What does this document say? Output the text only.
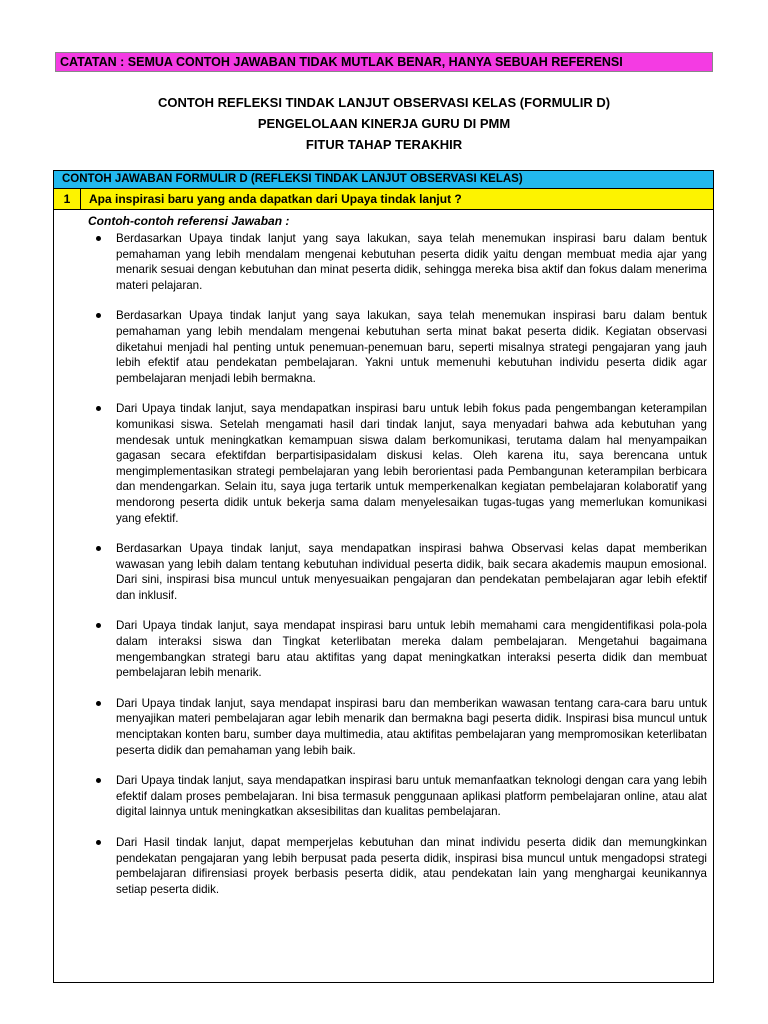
CATATAN : SEMUA CONTOH JAWABAN TIDAK MUTLAK BENAR, HANYA SEBUAH REFERENSI
CONTOH REFLEKSI TINDAK LANJUT OBSERVASI KELAS (FORMULIR D)
PENGELOLAAN KINERJA GURU DI PMM
FITUR TAHAP TERAKHIR
CONTOH JAWABAN FORMULIR D (REFLEKSI TINDAK LANJUT OBSERVASI KELAS)
1	Apa inspirasi baru yang anda dapatkan dari Upaya tindak lanjut ?
Contoh-contoh referensi Jawaban :
Berdasarkan Upaya tindak lanjut yang saya lakukan, saya telah menemukan inspirasi baru dalam bentuk pemahaman yang lebih mendalam mengenai kebutuhan peserta didik yaitu dengan membuat media ajar yang menarik sesuai dengan kebutuhan dan minat peserta didik, sehingga mereka bisa aktif dan fokus dalam menerima materi pelajaran.
Berdasarkan Upaya tindak lanjut yang saya lakukan, saya telah menemukan inspirasi baru dalam bentuk pemahaman yang lebih mendalam mengenai kebutuhan serta minat bakat peserta didik. Kegiatan observasi diketahui menjadi hal penting untuk penemuan-penemuan baru, seperti misalnya strategi pengajaran yang jauh lebih efektif atau pendekatan pembelajaran. Yakni untuk memenuhi kebutuhan individu peserta didik agar pembelajaran menjadi lebih bermakna.
Dari Upaya tindak lanjut, saya mendapatkan inspirasi baru untuk lebih fokus pada pengembangan keterampilan komunikasi siswa. Setelah mengamati hasil dari tindak lanjut, saya menyadari bahwa ada kebutuhan yang mendesak untuk meningkatkan kemampuan siswa dalam berkomunikasi, terutama dalam hal menyampaikan gagasan secara efektifdan berpartisipasidalam diskusi kelas. Oleh karena itu, saya berencana untuk mengimplementasikan strategi pembelajaran yang lebih berorientasi pada Pembangunan keterampilan berbicara dan mendengarkan. Selain itu, saya juga tertarik untuk memperkenalkan kegiatan pembelajaran kolaboratif yang mendorong peserta didik untuk bekerja sama dalam menyelesaikan tugas-tugas yang memerlukan komunikasi yang efektif.
Berdasarkan Upaya tindak lanjut, saya mendapatkan inspirasi bahwa Observasi kelas dapat memberikan wawasan yang lebih dalam tentang kebutuhan individual peserta didik, baik secara akademis maupun emosional. Dari sini, inspirasi bisa muncul untuk menyesuaikan pengajaran dan pendekatan pembelajaran agar lebih efektif dan inklusif.
Dari Upaya tindak lanjut, saya mendapat inspirasi baru untuk lebih memahami cara mengidentifikasi pola-pola dalam interaksi siswa dan Tingkat keterlibatan mereka dalam pembelajaran. Mengetahui bagaimana mengembangkan strategi baru atau aktifitas yang dapat meningkatkan interaksi peserta didik dan membuat pembelajaran lebih menarik.
Dari Upaya tindak lanjut, saya mendapat inspirasi baru dan memberikan wawasan tentang cara-cara baru untuk menyajikan materi pembelajaran agar lebih menarik dan bermakna bagi peserta didik. Inspirasi bisa muncul untuk menciptakan konten baru, sumber daya multimedia, atau aktifitas pembelajaran yang mempromosikan keterlibatan peserta didik dan pemahaman yang lebih baik.
Dari Upaya tindak lanjut, saya mendapatkan inspirasi baru untuk memanfaatkan teknologi dengan cara yang lebih efektif dalam proses pembelajaran. Ini bisa termasuk penggunaan aplikasi platform pembelajaran online, atau alat digital lainnya untuk meningkatkan aksesibilitas dan kualitas pembelajaran.
Dari Hasil tindak lanjut, dapat memperjelas kebutuhan dan minat individu peserta didik dan memungkinkan pendekatan pengajaran yang lebih berpusat pada peserta didik, inspirasi bisa muncul untuk mengadopsi strategi pembelajaran difirensiasi proyek berbasis peserta didik, atau pendekatan lain yang menghargai keunikannya setiap peserta didik.
